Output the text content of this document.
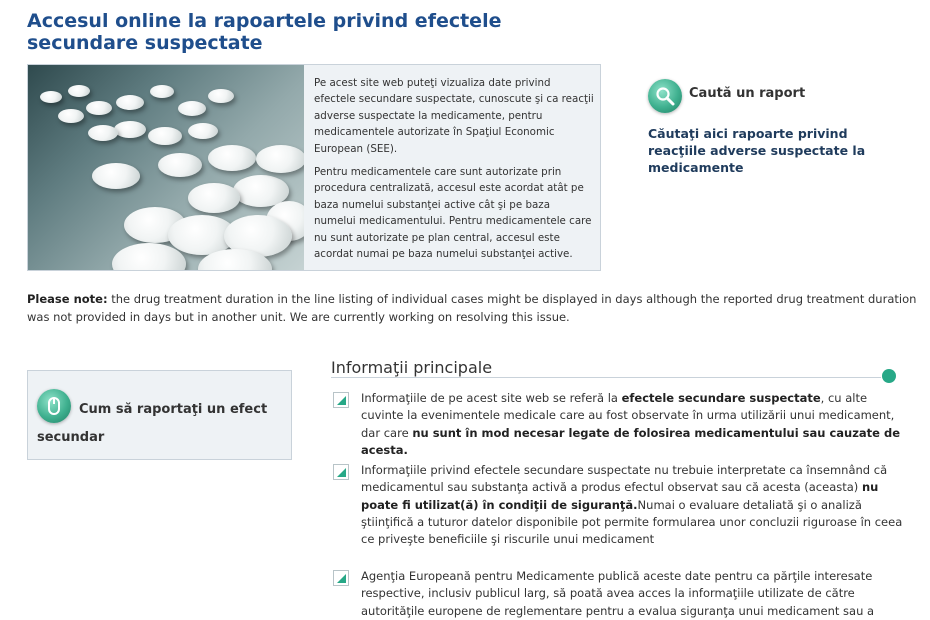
Accesul online la rapoartele privind efectele secundare suspectate

Pe acest site web puteţi vizualiza date privind efectele secundare suspectate, cunoscute şi ca reacţii adverse suspectate la medicamente, pentru medicamentele autorizate în Spaţiul Economic European (SEE).

Pentru medicamentele care sunt autorizate prin procedura centralizată, accesul este acordat atât pe baza numelui substanţei active cât şi pe baza numelui medicamentului. Pentru medicamentele care nu sunt autorizate pe plan central, accesul este acordat numai pe baza numelui substanţei active.

Caută un raport
Căutaţi aici rapoarte privind reacţiile adverse suspectate la medicamente
Please note: the drug treatment duration in the line listing of individual cases might be displayed in days although the reported drug treatment duration was not provided in days but in another unit. We are currently working on resolving this issue.
Cum să raportaţi un efect secundar
Informaţii principale
Informaţiile de pe acest site web se referă la efectele secundare suspectate, cu alte cuvinte la evenimentele medicale care au fost observate în urma utilizării unui medicament, dar care nu sunt în mod necesar legate de folosirea medicamentului sau cauzate de acesta.
Informaţiile privind efectele secundare suspectate nu trebuie interpretate ca însemnând că medicamentul sau substanţa activă a produs efectul observat sau că acesta (aceasta) nu poate fi utilizat(ă) în condiţii de siguranţă.Numai o evaluare detaliată şi o analiză ştiinţifică a tuturor datelor disponibile pot permite formularea unor concluzii riguroase în ceea ce priveşte beneficiile şi riscurile unui medicament
Agenţia Europeană pentru Medicamente publică aceste date pentru ca părţile interesate respective, inclusiv publicul larg, să poată avea acces la informaţiile utilizate de către autorităţile europene de reglementare pentru a evalua siguranţa unui medicament sau a
